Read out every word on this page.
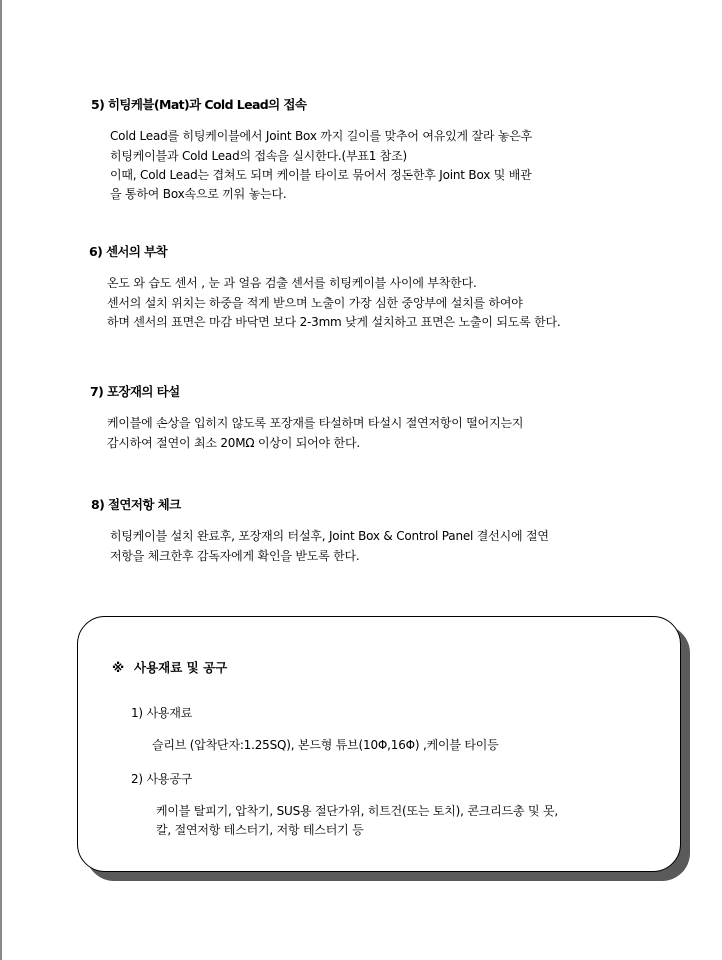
5) 히팅케블(Mat)과 Cold Lead의 접속
Cold Lead를 히팅케이블에서 Joint Box 까지 길이를 맞추어 여유있게 잘라 놓은후
히팅케이블과 Cold Lead의 접속을 실시한다.(부표1 참조)
이때, Cold Lead는 겹쳐도 되며 케이블 타이로 묶어서 정돈한후 Joint Box 및 배관
을 통하여 Box속으로 끼워 놓는다.
6) 센서의 부착
온도 와 습도 센서 , 눈 과 얼음 검출 센서를 히팅케이블 사이에 부착한다.
센서의 설치 위치는 하중을 적게 받으며 노출이 가장 심한 중앙부에 설치를 하여야
하며 센서의 표면은 마감 바닥면 보다 2-3mm 낮게 설치하고 표면은 노출이 되도록 한다.
7) 포장재의 타설
케이블에 손상을 입히지 않도록 포장재를 타설하며 타설시 절연저항이 떨어지는지
감시하여 절연이 최소 20MΩ 이상이 되어야 한다.
8) 절연저항 체크
히팅케이블 설치 완료후, 포장재의 터설후, Joint Box & Control Panel 결선시에 절연
저항을 체크한후 감독자에게 확인을 받도록 한다.
※ 사용재료 및 공구
1) 사용재료
슬리브 (압착단자:1.25SQ), 본드형 튜브(10Φ,16Φ) ,케이블 타이등
2) 사용공구
케이블 탈피기, 압착기, SUS용 절단가위, 히트건(또는 토치), 콘크리드총 및 못,
칼, 절연저항 테스터기, 저항 테스터기 등
